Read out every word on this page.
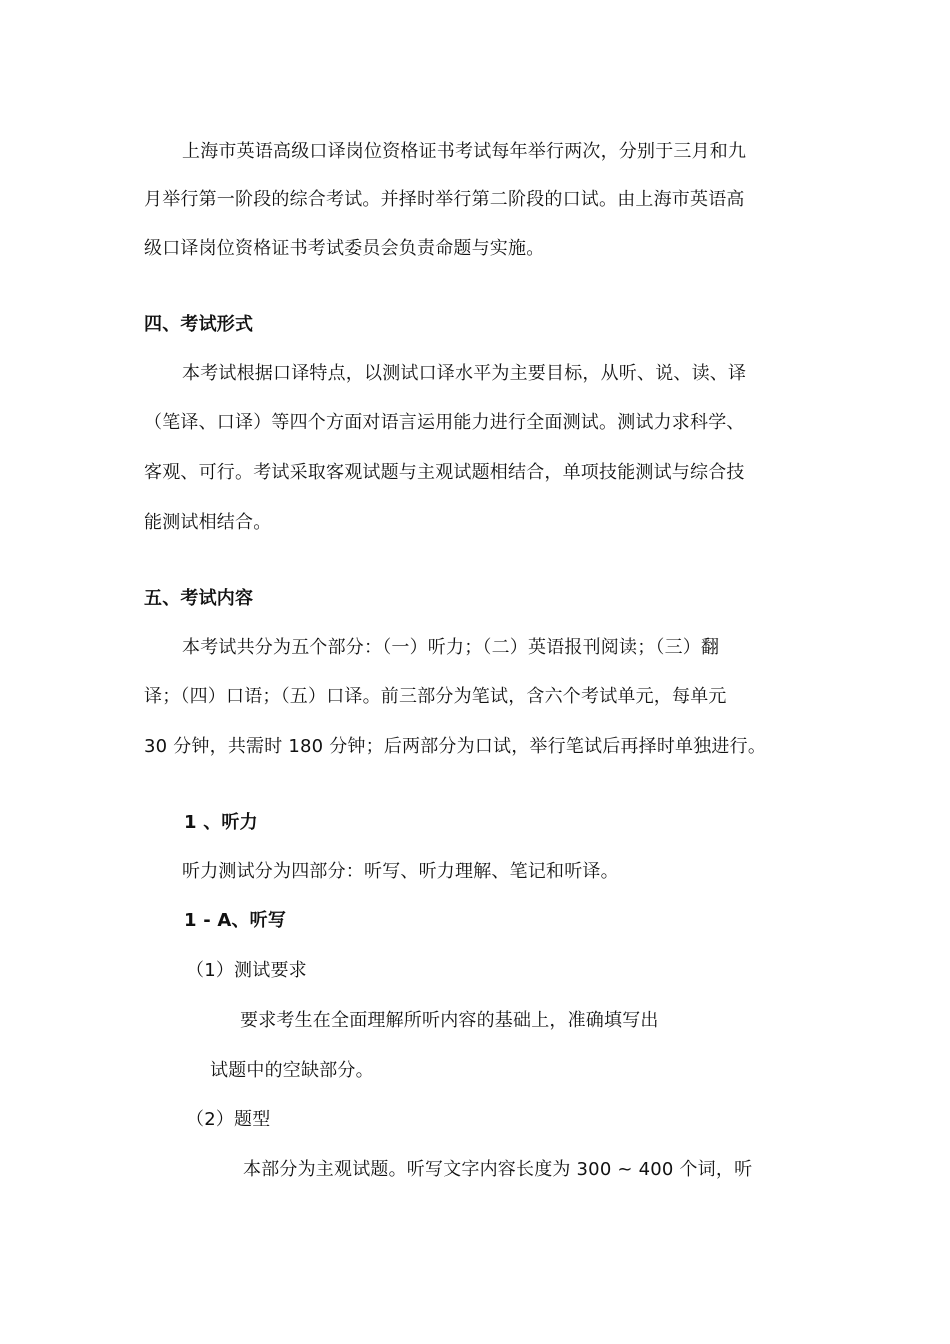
上海市英语高级口译岗位资格证书考试每年举行两次，分别于三月和九
月举行第一阶段的综合考试。并择时举行第二阶段的口试。由上海市英语高
级口译岗位资格证书考试委员会负责命题与实施。
四、考试形式
本考试根据口译特点，以测试口译水平为主要目标，从听、说、读、译
（笔译、口译）等四个方面对语言运用能力进行全面测试。测试力求科学、
客观、可行。考试采取客观试题与主观试题相结合，单项技能测试与综合技
能测试相结合。
五、考试内容
本考试共分为五个部分：（一）听力；（二）英语报刊阅读；（三）翻
译；（四）口语；（五）口译。前三部分为笔试，含六个考试单元，每单元
30 分钟，共需时 180 分钟；后两部分为口试，举行笔试后再择时单独进行。
1 、听力
听力测试分为四部分：听写、听力理解、笔记和听译。
1 - A、听写
（1）测试要求
要求考生在全面理解所听内容的基础上，准确填写出
试题中的空缺部分。
（2）题型
本部分为主观试题。听写文字内容长度为 300 ~ 400 个词，听
